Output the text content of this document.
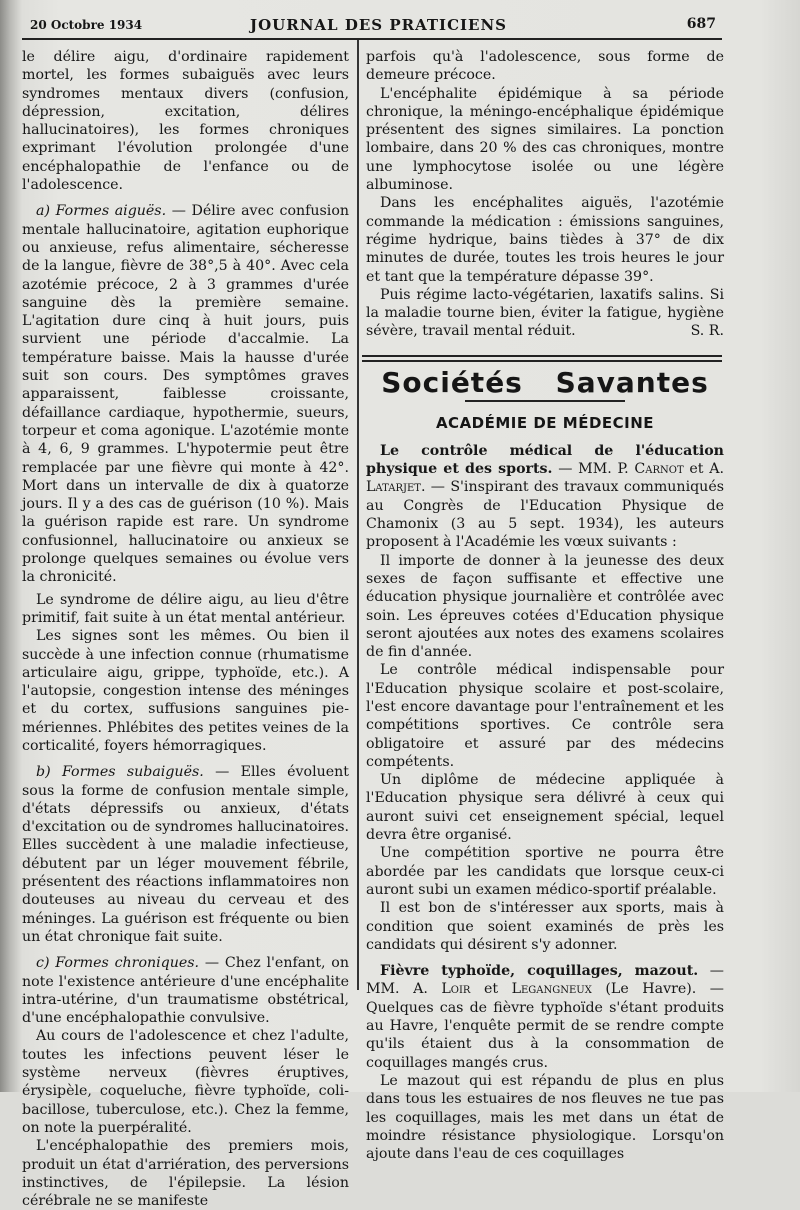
20 Octobre 1934	JOURNAL DES PRATICIENS	687

le délire aigu, d'ordinaire rapidement mortel, les formes subaiguës avec leurs syndromes mentaux divers (confusion, dépression, excitation, délires hallucinatoires), les formes chroniques exprimant l'évolution prolongée d'une encéphalopathie de l'enfance ou de l'adolescence.

a) Formes aiguës. — Délire avec confusion mentale hallucinatoire, agitation euphorique ou anxieuse, refus alimentaire, sécheresse de la langue, fièvre de 38°,5 à 40°. Avec cela azotémie précoce, 2 à 3 grammes d'urée sanguine dès la première semaine. L'agitation dure cinq à huit jours, puis survient une période d'accalmie. La température baisse. Mais la hausse d'urée suit son cours. Des symptômes graves apparaissent, faiblesse croissante, défaillance cardiaque, hypothermie, sueurs, torpeur et coma agonique. L'azotémie monte à 4, 6, 9 grammes. L'hypotermie peut être remplacée par une fièvre qui monte à 42°. Mort dans un intervalle de dix à quatorze jours. Il y a des cas de guérison (10 %). Mais la guérison rapide est rare. Un syndrome confusionnel, hallucinatoire ou anxieux se prolonge quelques semaines ou évolue vers la chronicité.

Le syndrome de délire aigu, au lieu d'être primitif, fait suite à un état mental antérieur.

Les signes sont les mêmes. Ou bien il succède à une infection connue (rhumatisme articulaire aigu, grippe, typhoïde, etc.). A l'autopsie, congestion intense des méninges et du cortex, suffusions sanguines pie-mériennes. Phlébites des petites veines de la corticalité, foyers hémorragiques.

b) Formes subaiguës. — Elles évoluent sous la forme de confusion mentale simple, d'états dépressifs ou anxieux, d'états d'excitation ou de syndromes hallucinatoires. Elles succèdent à une maladie infectieuse, débutent par un léger mouvement fébrile, présentent des réactions inflammatoires non douteuses au niveau du cerveau et des méninges. La guérison est fréquente ou bien un état chronique fait suite.

c) Formes chroniques. — Chez l'enfant, on note l'existence antérieure d'une encéphalite intra-utérine, d'un traumatisme obstétrical, d'une encéphalopathie convulsive.

Au cours de l'adolescence et chez l'adulte, toutes les infections peuvent léser le système nerveux (fièvres éruptives, érysipèle, coqueluche, fièvre typhoïde, coli-bacillose, tuberculose, etc.). Chez la femme, on note la puerpéralité.

L'encéphalopathie des premiers mois, produit un état d'arriération, des perversions instinctives, de l'épilepsie. La lésion cérébrale ne se manifeste

parfois qu'à l'adolescence, sous forme de demeure précoce.

L'encéphalite épidémique à sa période chronique, la méningo-encéphalique épidémique présentent des signes similaires. La ponction lombaire, dans 20 % des cas chroniques, montre une lymphocytose isolée ou une légère albuminose.

Dans les encéphalites aiguës, l'azotémie commande la médication : émissions sanguines, régime hydrique, bains tièdes à 37° de dix minutes de durée, toutes les trois heures le jour et tant que la température dépasse 39°.

Puis régime lacto-végétarien, laxatifs salins. Si la maladie tourne bien, éviter la fatigue, hygiène sévère, travail mental réduit.	S. R.

Sociétés Savantes
ACADÉMIE DE MÉDECINE

Le contrôle médical de l'éducation physique et des sports. — MM. P. Carnot et A. Latarjet. — S'inspirant des travaux communiqués au Congrès de l'Education Physique de Chamonix (3 au 5 sept. 1934), les auteurs proposent à l'Académie les vœux suivants :

Il importe de donner à la jeunesse des deux sexes de façon suffisante et effective une éducation physique journalière et contrôlée avec soin. Les épreuves cotées d'Education physique seront ajoutées aux notes des examens scolaires de fin d'année.

Le contrôle médical indispensable pour l'Education physique scolaire et post-scolaire, l'est encore davantage pour l'entraînement et les compétitions sportives. Ce contrôle sera obligatoire et assuré par des médecins compétents.

Un diplôme de médecine appliquée à l'Education physique sera délivré à ceux qui auront suivi cet enseignement spécial, lequel devra être organisé.

Une compétition sportive ne pourra être abordée par les candidats que lorsque ceux-ci auront subi un examen médico-sportif préalable.

Il est bon de s'intéresser aux sports, mais à condition que soient examinés de près les candidats qui désirent s'y adonner.

Fièvre typhoïde, coquillages, mazout. — MM. A. Loir et Legangneux (Le Havre). — Quelques cas de fièvre typhoïde s'étant produits au Havre, l'enquête permit de se rendre compte qu'ils étaient dus à la consommation de coquillages mangés crus.

Le mazout qui est répandu de plus en plus dans tous les estuaires de nos fleuves ne tue pas les coquillages, mais les met dans un état de moindre résistance physiologique. Lorsqu'on ajoute dans l'eau de ces coquillages
